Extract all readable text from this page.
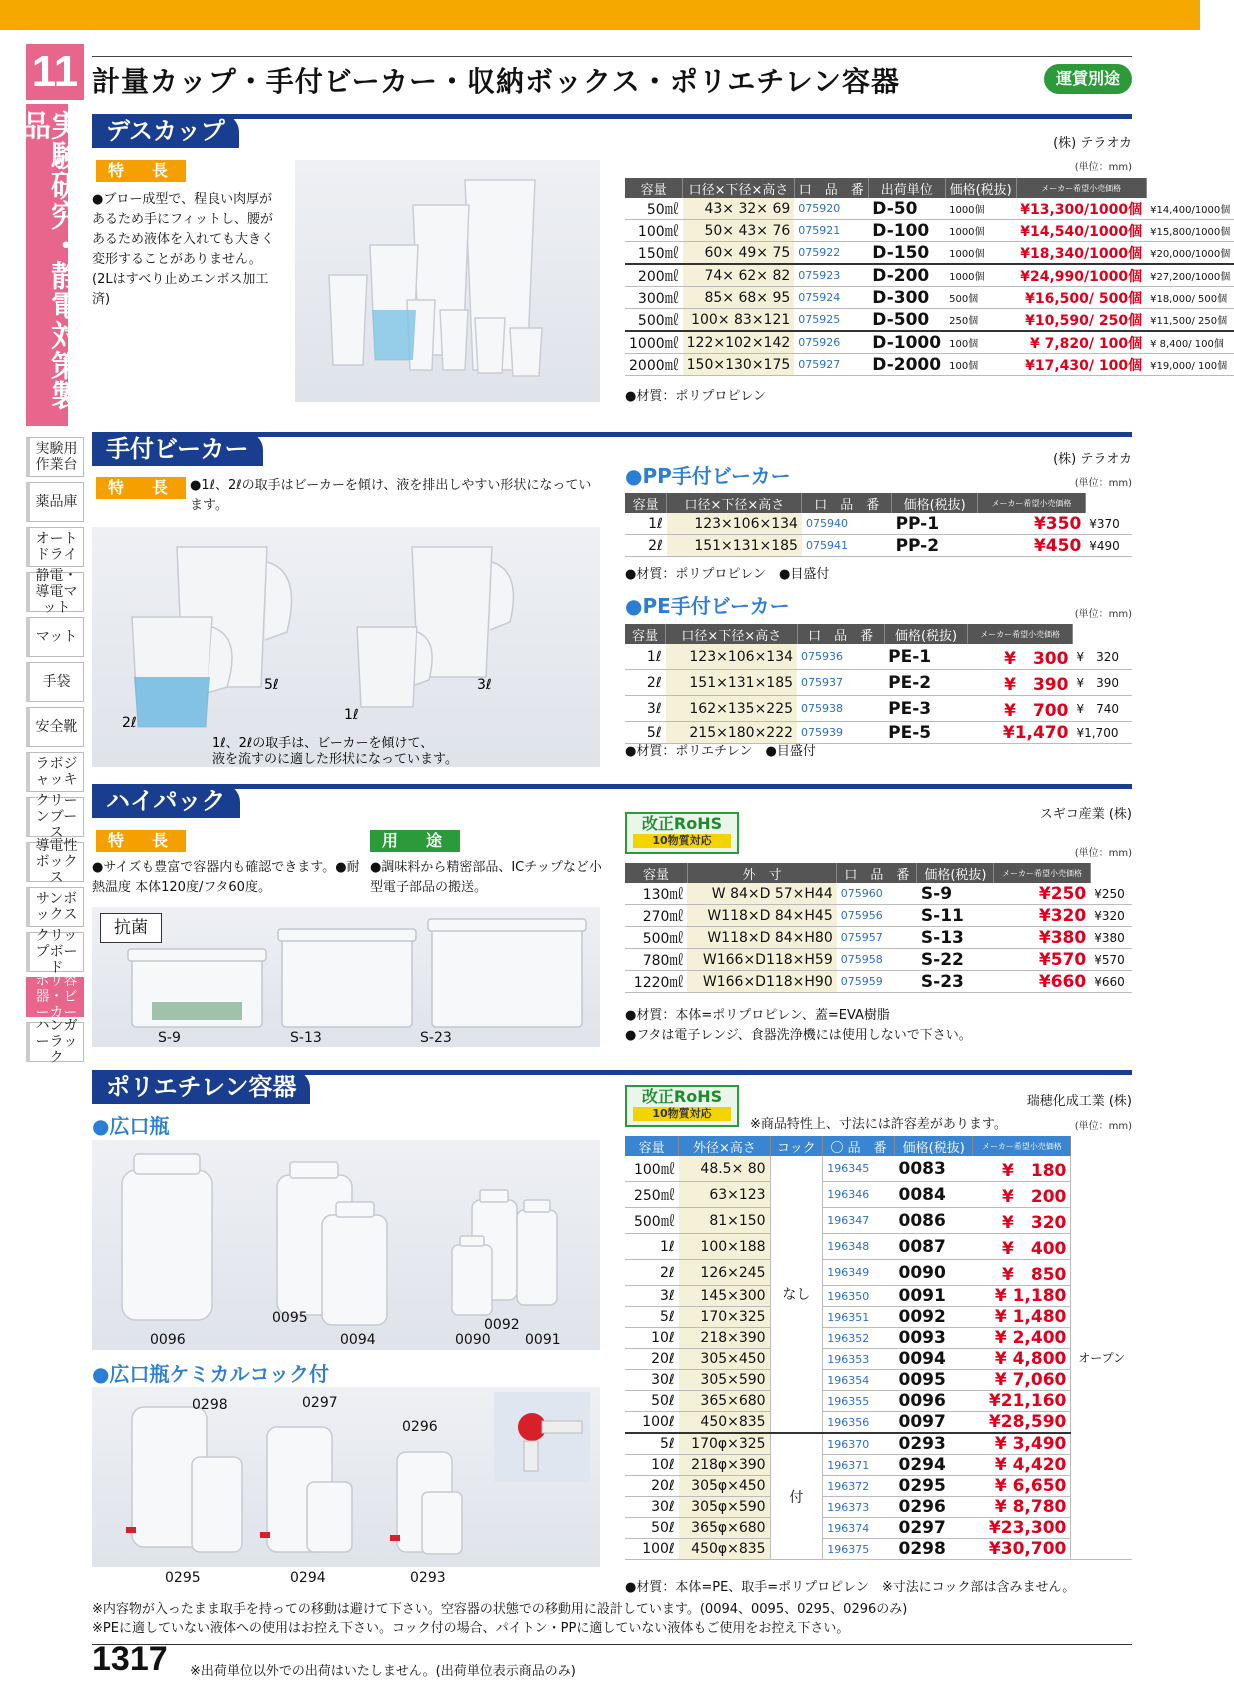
11
実験研究・静電対策製品
実験用作業台
薬品庫
オートドライ
静電・導電マット
マット
手袋
安全靴
ラボジャッキ
クリーンブース
導電性ボックス
サンボックス
クリップボード
ポリ容器・ビーカー
ハンガーラック
計量カップ・手付ビーカー・収納ボックス・ポリエチレン容器	運賃別途
デスカップ	(株) テラオカ
(単位：mm)
特　長
●ブロー成型で、程良い肉厚があるため手にフィットし、腰があるため液体を入れても大きく変形することがありません。(2Lはすべり止めエンボス加工済)
容量	口径×下径×高さ	口　品　番	出荷単位	価格(税抜)	メーカー希望小売価格	
50㎖	43× 32× 69	075920	D-50	1000個	¥13,300/1000個	¥14,400/1000個
100㎖	50× 43× 76	075921	D-100	1000個	¥14,540/1000個	¥15,800/1000個
150㎖	60× 49× 75	075922	D-150	1000個	¥18,340/1000個	¥20,000/1000個
200㎖	74× 62× 82	075923	D-200	1000個	¥24,990/1000個	¥27,200/1000個
300㎖	85× 68× 95	075924	D-300	500個	¥16,500/ 500個	¥18,000/ 500個
500㎖	100× 83×121	075925	D-500	250個	¥10,590/ 250個	¥11,500/ 250個
1000㎖	122×102×142	075926	D-1000	100個	¥ 7,820/ 100個	¥ 8,400/ 100個
2000㎖	150×130×175	075927	D-2000	100個	¥17,430/ 100個	¥19,000/ 100個
●材質：ポリプロピレン
手付ビーカー	(株) テラオカ
特　長	●1ℓ、2ℓの取手はビーカーを傾け、液を排出しやすい形状になっています。
2ℓ
5ℓ
1ℓ
3ℓ
1ℓ、2ℓの取手は、ビーカーを傾けて、
液を流すのに適した形状になっています。
●PP手付ビーカー	(単位：mm)
容量	口径×下径×高さ	口　品　番	価格(税抜)	メーカー希望小売価格	
1ℓ	123×106×134	075940	PP-1	¥350	¥370
2ℓ	151×131×185	075941	PP-2	¥450	¥490
●材質：ポリプロピレン　●目盛付
●PE手付ビーカー	(単位：mm)
容量	口径×下径×高さ	口　品　番	価格(税抜)	メーカー希望小売価格	
1ℓ	123×106×134	075936	PE-1	¥　300	¥　320
2ℓ	151×131×185	075937	PE-2	¥　390	¥　390
3ℓ	162×135×225	075938	PE-3	¥　700	¥　740
5ℓ	215×180×222	075939	PE-5	¥1,470	¥1,700
●材質：ポリエチレン　●目盛付
ハイパック	スギコ産業 (株)
特　長	用　途
●サイズも豊富で容器内も確認できます。●耐熱温度 本体120度/フタ60度。
●調味料から精密部品、ICチップなど小型電子部品の搬送。
抗菌
S-9	S-13	S-23
改正RoHS
10物質対応
(単位：mm)
容量	外　寸	口　品　番	価格(税抜)	メーカー希望小売価格	
130㎖	W 84×D 57×H44	075960	S-9	¥250	¥250
270㎖	W118×D 84×H45	075956	S-11	¥320	¥320
500㎖	W118×D 84×H80	075957	S-13	¥380	¥380
780㎖	W166×D118×H59	075958	S-22	¥570	¥570
1220㎖	W166×D118×H90	075959	S-23	¥660	¥660
●材質：本体=ポリプロピレン、蓋=EVA樹脂
●フタは電子レンジ、食器洗浄機には使用しないで下さい。
ポリエチレン容器
瑞穂化成工業 (株)
●広口瓶
0096
0095
0094
0092
0090 0091
●広口瓶ケミカルコック付
0298	0297
0296
0295	0294	0293
改正RoHS
10物質対応
※商品特性上、寸法には許容差があります。	(単位：mm)
容量	外径×高さ	コック	〇 品　番	価格(税抜)	メーカー希望小売価格	
100㎖	48.5× 80	なし	196345	0083	¥　180	オープン
250㎖	63×123		196346	0084	¥　200	
500㎖	81×150		196347	0086	¥　320	
1ℓ	100×188		196348	0087	¥　400	
2ℓ	126×245		196349	0090	¥　850	
3ℓ	145×300		196350	0091	¥ 1,180	
5ℓ	170×325		196351	0092	¥ 1,480	
10ℓ	218×390		196352	0093	¥ 2,400	
20ℓ	305×450		196353	0094	¥ 4,800	
30ℓ	305×590		196354	0095	¥ 7,060	
50ℓ	365×680		196355	0096	¥21,160	
100ℓ	450×835		196356	0097	¥28,590	
5ℓ	170φ×325	付	196370	0293	¥ 3,490	
10ℓ	218φ×390		196371	0294	¥ 4,420	
20ℓ	305φ×450		196372	0295	¥ 6,650	
30ℓ	305φ×590		196373	0296	¥ 8,780	
50ℓ	365φ×680		196374	0297	¥23,300	
100ℓ	450φ×835		196375	0298	¥30,700	
●材質：本体=PE、取手=ポリプロピレン　※寸法にコック部は含みません。
※内容物が入ったまま取手を持っての移動は避けて下さい。空容器の状態での移動用に設計しています。(0094、0095、0295、0296のみ)
※PEに適していない液体への使用はお控え下さい。コック付の場合、パイトン・PPに適していない液体もご使用をお控え下さい。
1317 ※出荷単位以外での出荷はいたしません。(出荷単位表示商品のみ)
